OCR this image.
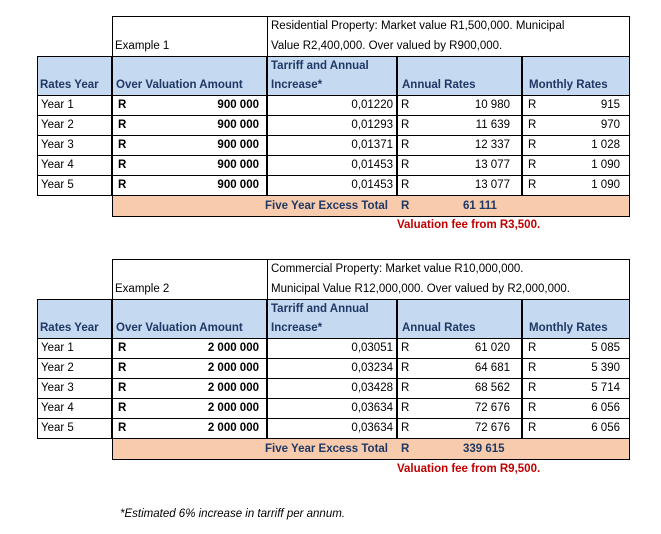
Example 1
Residential Property: Market value R1,500,000. Municipal
Value R2,400,000. Over valued by R900,000.
Rates Year	Over Valuation Amount
Tarriff and Annual
Increase*	Annual Rates	Monthly Rates
Year 1	R	900 000	0,01220 R	10 980	R	915
Year 2	R	900 000	0,01293 R	11 639	R	970
Year 3	R	900 000	0,01371 R	12 337	R	1 028
Year 4	R	900 000	0,01453 R	13 077	R	1 090
Year 5	R	900 000	0,01453 R	13 077	R	1 090
Five Year Excess Total R	61 111
Example 2
Commercial Property: Market value R10,000,000.
Municipal Value R12,000,000. Over valued by R2,000,000.
Rates Year	Over Valuation Amount
Tarriff and Annual
Increase*	Annual Rates	Monthly Rates
Year 1	R	2 000 000	0,03051 R	61 020	R	5 085
Year 2	R	2 000 000	0,03234 R	64 681	R	5 390
Year 3	R	2 000 000	0,03428 R	68 562	R	5 714
Year 4	R	2 000 000	0,03634 R	72 676	R	6 056
Year 5	R	2 000 000	0,03634 R	72 676	R	6 056
Five Year Excess Total R	339 615
Valuation fee from R3,500.
Valuation fee from R9,500.
*Estimated 6% increase in tarriff per annum.
